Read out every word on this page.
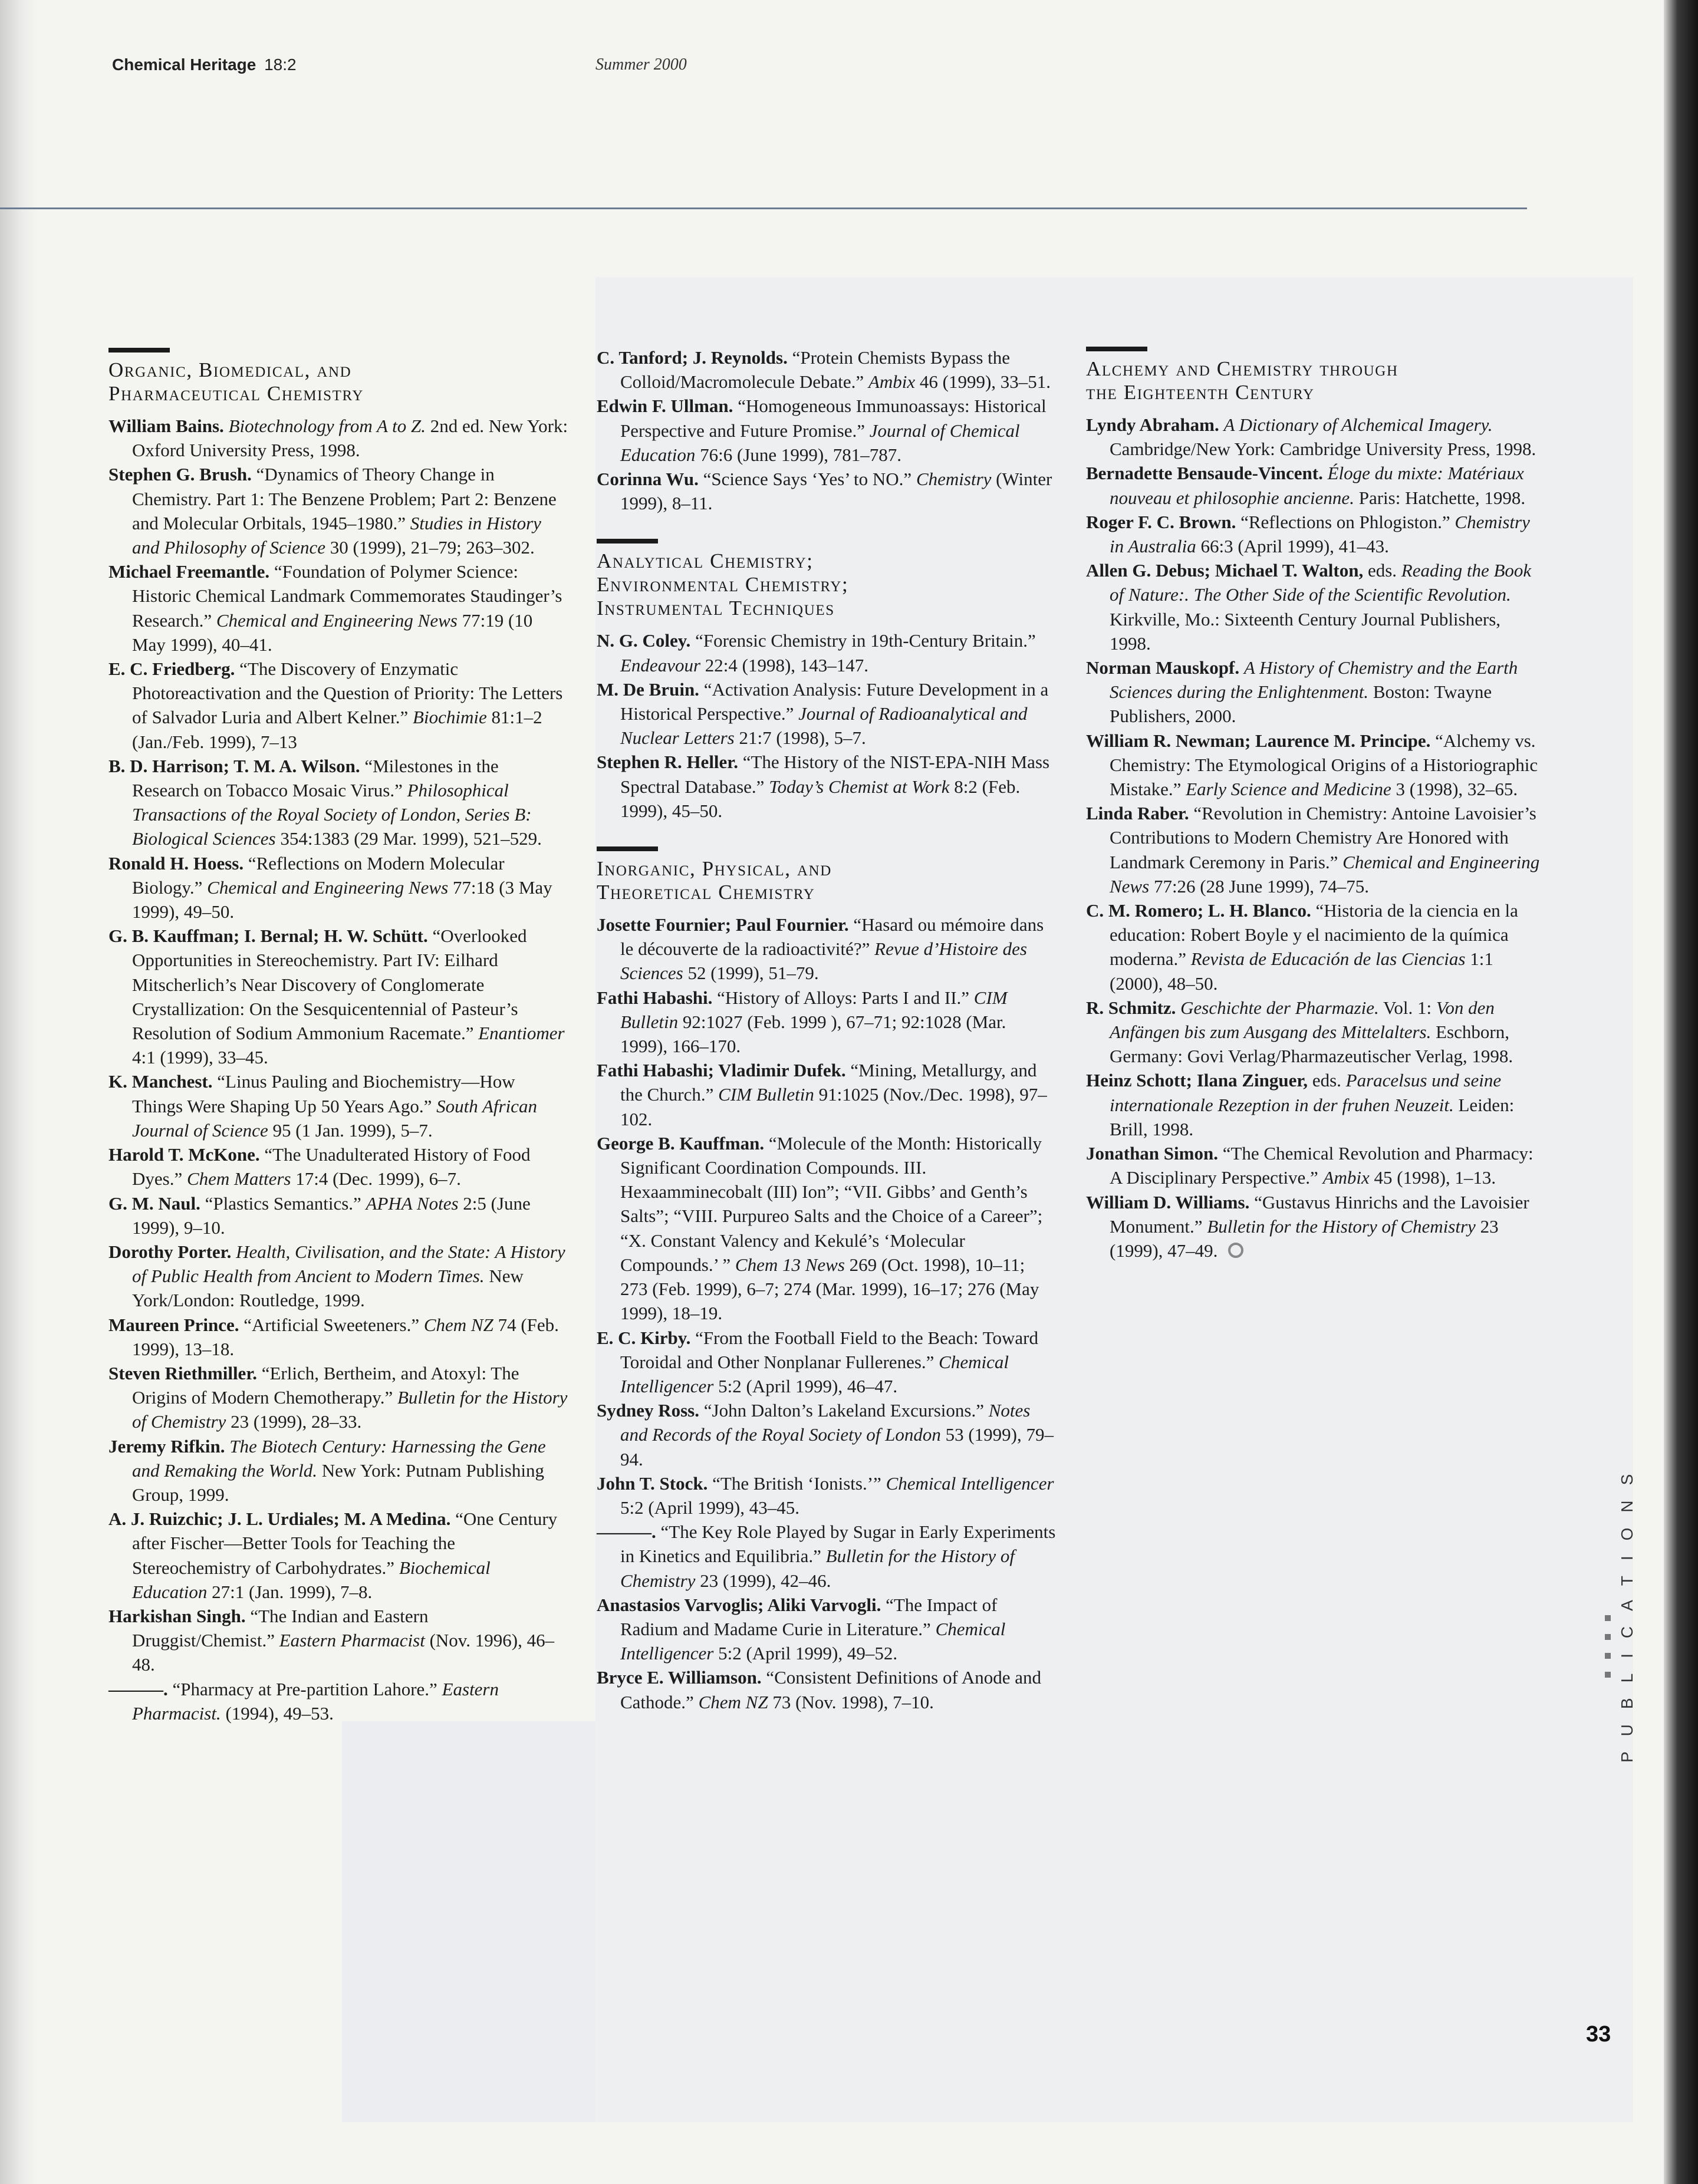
Chemical Heritage 18:2	Summer 2000
Organic, Biomedical, and
Pharmaceutical Chemistry
William Bains. Biotechnology from A to Z. 2nd ed. New York: Oxford University Press, 1998.
Stephen G. Brush. “Dynamics of Theory Change in Chemistry. Part 1: The Benzene Problem; Part 2: Benzene and Molecular Orbitals, 1945–1980.” Studies in History and Philosophy of Science 30 (1999), 21–79; 263–302.
Michael Freemantle. “Foundation of Polymer Science: Historic Chemical Landmark Commemorates Staudinger’s Research.” Chemical and Engineering News 77:19 (10 May 1999), 40–41.
E. C. Friedberg. “The Discovery of Enzymatic Photoreactivation and the Question of Priority: The Letters of Salvador Luria and Albert Kelner.” Biochimie 81:1–2 (Jan./Feb. 1999), 7–13
B. D. Harrison; T. M. A. Wilson. “Milestones in the Research on Tobacco Mosaic Virus.” Philosophical Transactions of the Royal Society of London, Series B: Biological Sciences 354:1383 (29 Mar. 1999), 521–529.
Ronald H. Hoess. “Reflections on Modern Molecular Biology.” Chemical and Engineering News 77:18 (3 May 1999), 49–50.
G. B. Kauffman; I. Bernal; H. W. Schütt. “Overlooked Opportunities in Stereochemistry. Part IV: Eilhard Mitscherlich’s Near Discovery of Conglomerate Crystallization: On the Sesquicentennial of Pasteur’s Resolution of Sodium Ammonium Racemate.” Enantiomer 4:1 (1999), 33–45.
K. Manchest. “Linus Pauling and Biochemistry—How Things Were Shaping Up 50 Years Ago.” South African Journal of Science 95 (1 Jan. 1999), 5–7.
Harold T. McKone. “The Unadulterated History of Food Dyes.” Chem Matters 17:4 (Dec. 1999), 6–7.
G. M. Naul. “Plastics Semantics.” APHA Notes 2:5 (June 1999), 9–10.
Dorothy Porter. Health, Civilisation, and the State: A History of Public Health from Ancient to Modern Times. New York/London: Routledge, 1999.
Maureen Prince. “Artificial Sweeteners.” Chem NZ 74 (Feb. 1999), 13–18.
Steven Riethmiller. “Erlich, Bertheim, and Atoxyl: The Origins of Modern Chemotherapy.” Bulletin for the History of Chemistry 23 (1999), 28–33.
Jeremy Rifkin. The Biotech Century: Harnessing the Gene and Remaking the World. New York: Putnam Publishing Group, 1999.
A. J. Ruizchic; J. L. Urdiales; M. A Medina. “One Century after Fischer—Better Tools for Teaching the Stereochemistry of Carbohydrates.” Biochemical Education 27:1 (Jan. 1999), 7–8.
Harkishan Singh. “The Indian and Eastern Druggist/Chemist.” Eastern Pharmacist (Nov. 1996), 46–48.
———. “Pharmacy at Pre-partition Lahore.” Eastern Pharmacist. (1994), 49–53.
C. Tanford; J. Reynolds. “Protein Chemists Bypass the Colloid/Macromolecule Debate.” Ambix 46 (1999), 33–51.
Edwin F. Ullman. “Homogeneous Immunoassays: Historical Perspective and Future Promise.” Journal of Chemical Education 76:6 (June 1999), 781–787.
Corinna Wu. “Science Says ‘Yes’ to NO.” Chemistry (Winter 1999), 8–11.
Analytical Chemistry;
Environmental Chemistry;
Instrumental Techniques
N. G. Coley. “Forensic Chemistry in 19th-Century Britain.” Endeavour 22:4 (1998), 143–147.
M. De Bruin. “Activation Analysis: Future Development in a Historical Perspective.” Journal of Radioanalytical and Nuclear Letters 21:7 (1998), 5–7.
Stephen R. Heller. “The History of the NIST-EPA-NIH Mass Spectral Database.” Today’s Chemist at Work 8:2 (Feb. 1999), 45–50.
Inorganic, Physical, and
Theoretical Chemistry
Josette Fournier; Paul Fournier. “Hasard ou mémoire dans le découverte de la radioactivité?” Revue d’Histoire des Sciences 52 (1999), 51–79.
Fathi Habashi. “History of Alloys: Parts I and II.” CIM Bulletin 92:1027 (Feb. 1999 ), 67–71; 92:1028 (Mar. 1999), 166–170.
Fathi Habashi; Vladimir Dufek. “Mining, Metallurgy, and the Church.” CIM Bulletin 91:1025 (Nov./Dec. 1998), 97–102.
George B. Kauffman. “Molecule of the Month: Historically Significant Coordination Compounds. III. Hexaamminecobalt (III) Ion”; “VII. Gibbs’ and Genth’s Salts”; “VIII. Purpureo Salts and the Choice of a Career”; “X. Constant Valency and Kekulé’s ‘Molecular Compounds.’ ” Chem 13 News 269 (Oct. 1998), 10–11; 273 (Feb. 1999), 6–7; 274 (Mar. 1999), 16–17; 276 (May 1999), 18–19.
E. C. Kirby. “From the Football Field to the Beach: Toward Toroidal and Other Nonplanar Fullerenes.” Chemical Intelligencer 5:2 (April 1999), 46–47.
Sydney Ross. “John Dalton’s Lakeland Excursions.” Notes and Records of the Royal Society of London 53 (1999), 79–94.
John T. Stock. “The British ‘Ionists.’” Chemical Intelligencer 5:2 (April 1999), 43–45.
———. “The Key Role Played by Sugar in Early Experiments in Kinetics and Equilibria.” Bulletin for the History of Chemistry 23 (1999), 42–46.
Anastasios Varvoglis; Aliki Varvogli. “The Impact of Radium and Madame Curie in Literature.” Chemical Intelligencer 5:2 (April 1999), 49–52.
Bryce E. Williamson. “Consistent Definitions of Anode and Cathode.” Chem NZ 73 (Nov. 1998), 7–10.
Alchemy and Chemistry through
the Eighteenth Century
Lyndy Abraham. A Dictionary of Alchemical Imagery. Cambridge/New York: Cambridge University Press, 1998.
Bernadette Bensaude-Vincent. Éloge du mixte: Matériaux nouveau et philosophie ancienne. Paris: Hatchette, 1998.
Roger F. C. Brown. “Reflections on Phlogiston.” Chemistry in Australia 66:3 (April 1999), 41–43.
Allen G. Debus; Michael T. Walton, eds. Reading the Book of Nature:. The Other Side of the Scientific Revolution. Kirkville, Mo.: Sixteenth Century Journal Publishers, 1998.
Norman Mauskopf. A History of Chemistry and the Earth Sciences during the Enlightenment. Boston: Twayne Publishers, 2000.
William R. Newman; Laurence M. Principe. “Alchemy vs. Chemistry: The Etymological Origins of a Historiographic Mistake.” Early Science and Medicine 3 (1998), 32–65.
Linda Raber. “Revolution in Chemistry: Antoine Lavoisier’s Contributions to Modern Chemistry Are Honored with Landmark Ceremony in Paris.” Chemical and Engineering News 77:26 (28 June 1999), 74–75.
C. M. Romero; L. H. Blanco. “Historia de la ciencia en la education: Robert Boyle y el nacimiento de la química moderna.” Revista de Educación de las Ciencias 1:1 (2000), 48–50.
R. Schmitz. Geschichte der Pharmazie. Vol. 1: Von den Anfängen bis zum Ausgang des Mittelalters. Eschborn, Germany: Govi Verlag/Pharmazeutischer Verlag, 1998.
Heinz Schott; Ilana Zinguer, eds. Paracelsus und seine internationale Rezeption in der fruhen Neuzeit. Leiden: Brill, 1998.
Jonathan Simon. “The Chemical Revolution and Pharmacy: A Disciplinary Perspective.” Ambix 45 (1998), 1–13.
William D. Williams. “Gustavus Hinrichs and the Lavoisier Monument.” Bulletin for the History of Chemistry 23 (1999), 47–49.
PUBLICATIONS
33
